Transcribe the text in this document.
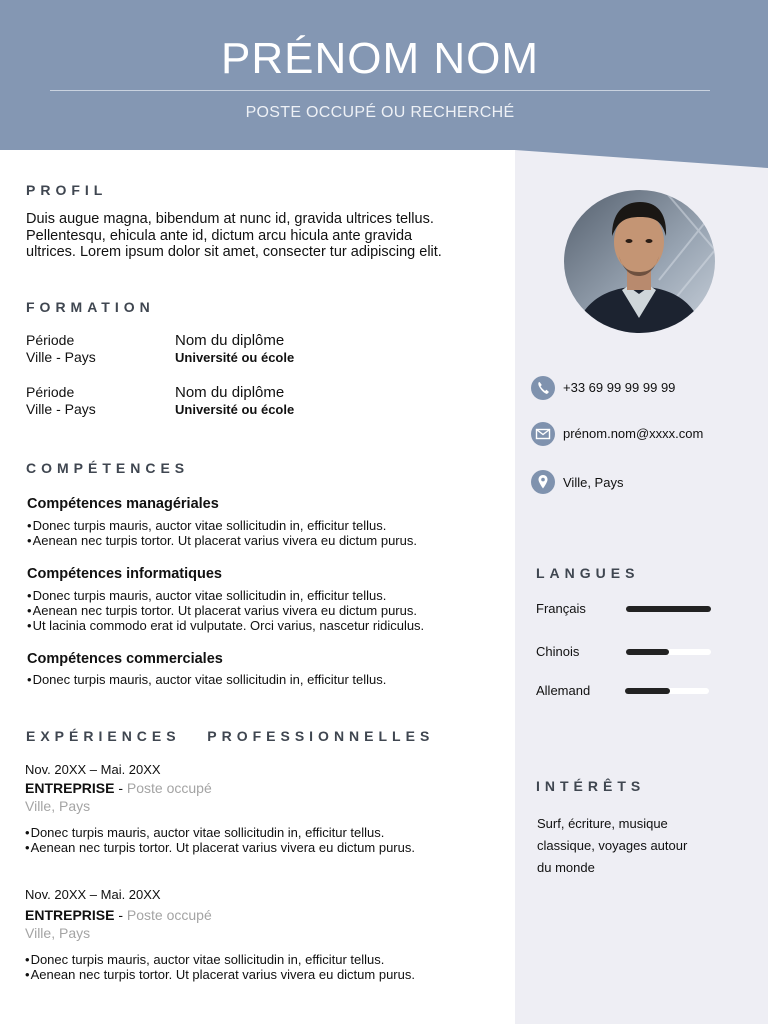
PRÉNOM NOM
POSTE OCCUPÉ OU RECHERCHÉ
PROFIL
Duis augue magna, bibendum at nunc id, gravida ultrices tellus.
Pellentesqu, ehicula ante id, dictum arcu hicula ante gravida
ultrices. Lorem ipsum dolor sit amet, consecter tur adipiscing elit.
FORMATION
Période
Ville - Pays
Nom du diplôme
Université ou école
Période
Ville - Pays
Nom du diplôme
Université ou école
COMPÉTENCES
Compétences managériales
• Donec turpis mauris, auctor vitae sollicitudin in, efficitur tellus.
• Aenean nec turpis tortor. Ut placerat varius vivera eu dictum purus.
Compétences informatiques
• Donec turpis mauris, auctor vitae sollicitudin in, efficitur tellus.
• Aenean nec turpis tortor. Ut placerat varius vivera eu dictum purus.
• Ut lacinia commodo erat id vulputate. Orci varius, nascetur ridiculus.
Compétences commerciales
• Donec turpis mauris, auctor vitae sollicitudin in, efficitur tellus.
EXPÉRIENCES   PROFESSIONNELLES
Nov. 20XX – Mai. 20XX
ENTREPRISE - Poste occupé
Ville, Pays
• Donec turpis mauris, auctor vitae sollicitudin in, efficitur tellus.
• Aenean nec turpis tortor. Ut placerat varius vivera eu dictum purus.
Nov. 20XX – Mai. 20XX
ENTREPRISE - Poste occupé
Ville, Pays
• Donec turpis mauris, auctor vitae sollicitudin in, efficitur tellus.
• Aenean nec turpis tortor. Ut placerat varius vivera eu dictum purus.
+33 69 99 99 99 99
prénom.nom@xxxx.com
Ville, Pays
LANGUES
Français
Chinois
Allemand
INTÉRÊTS
Surf, écriture, musique
classique, voyages autour
du monde
